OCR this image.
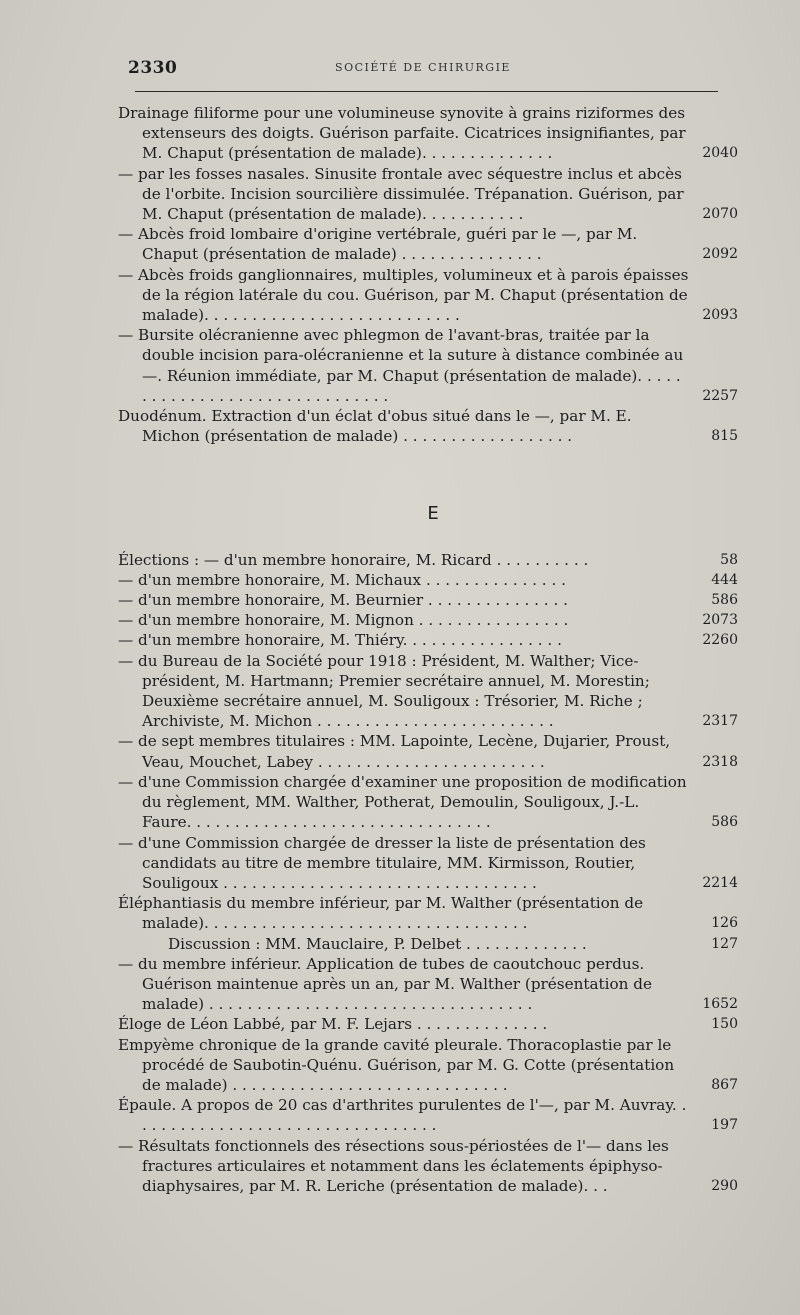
2330	SOCIÉTÉ DE CHIRURGIE
Drainage filiforme pour une volumineuse synovite à grains riziformes des extenseurs des doigts. Guérison parfaite. Cicatrices insignifiantes, par M. Chaput (présentation de malade). . . . . . . . . . . . . .	2040
— par les fosses nasales. Sinusite frontale avec séquestre inclus et abcès de l'orbite. Incision sourcilière dissimulée. Trépanation. Guérison, par M. Chaput (présentation de malade). . . . . . . . . . .	2070
— Abcès froid lombaire d'origine vertébrale, guéri par le —, par M. Chaput (présentation de malade) . . . . . . . . . . . . . . .	2092
— Abcès froids ganglionnaires, multiples, volumineux et à parois épaisses de la région latérale du cou. Guérison, par M. Chaput (présentation de malade). . . . . . . . . . . . . . . . . . . . . . . . . . .	2093
— Bursite olécranienne avec phlegmon de l'avant-bras, traitée par la double incision para-olécranienne et la suture à distance combinée au —. Réunion immédiate, par M. Chaput (présentation de malade). . . . . . . . . . . . . . . . . . . . . . . . . . . . . . .	2257
Duodénum. Extraction d'un éclat d'obus situé dans le —, par M. E. Michon (présentation de malade) . . . . . . . . . . . . . . . . . .	815
E
Élections : — d'un membre honoraire, M. Ricard . . . . . . . . . .	58
— d'un membre honoraire, M. Michaux . . . . . . . . . . . . . . .	444
— d'un membre honoraire, M. Beurnier . . . . . . . . . . . . . . .	586
— d'un membre honoraire, M. Mignon . . . . . . . . . . . . . . . .	2073
— d'un membre honoraire, M. Thiéry. . . . . . . . . . . . . . . . .	2260
— du Bureau de la Société pour 1918 : Président, M. Walther; Vice-président, M. Hartmann; Premier secrétaire annuel, M. Morestin; Deuxième secrétaire annuel, M. Souligoux : Trésorier, M. Riche ; Archiviste, M. Michon . . . . . . . . . . . . . . . . . . . . . . . . .	2317
— de sept membres titulaires : MM. Lapointe, Lecène, Dujarier, Proust, Veau, Mouchet, Labey . . . . . . . . . . . . . . . . . . . . . . . .	2318
— d'une Commission chargée d'examiner une proposition de modification du règlement, MM. Walther, Potherat, Demoulin, Souligoux, J.-L. Faure. . . . . . . . . . . . . . . . . . . . . . . . . . . . . . . .	586
— d'une Commission chargée de dresser la liste de présentation des candidats au titre de membre titulaire, MM. Kirmisson, Routier, Souligoux . . . . . . . . . . . . . . . . . . . . . . . . . . . . . . . . .	2214
Éléphantiasis du membre inférieur, par M. Walther (présentation de malade). . . . . . . . . . . . . . . . . . . . . . . . . . . . . . . . . .	126
Discussion : MM. Mauclaire, P. Delbet . . . . . . . . . . . . .	127
— du membre inférieur. Application de tubes de caoutchouc perdus. Guérison maintenue après un an, par M. Walther (présentation de malade) . . . . . . . . . . . . . . . . . . . . . . . . . . . . . . . . . .	1652
Éloge de Léon Labbé, par M. F. Lejars . . . . . . . . . . . . . .	150
Empyème chronique de la grande cavité pleurale. Thoracoplastie par le procédé de Saubotin-Quénu. Guérison, par M. G. Cotte (présentation de malade) . . . . . . . . . . . . . . . . . . . . . . . . . . . . .	867
Épaule. A propos de 20 cas d'arthrites purulentes de l'—, par M. Auvray. . . . . . . . . . . . . . . . . . . . . . . . . . . . . . . . .	197
— Résultats fonctionnels des résections sous-périostées de l'— dans les fractures articulaires et notamment dans les éclatements épiphyso-diaphysaires, par M. R. Leriche (présentation de malade). . .	290
